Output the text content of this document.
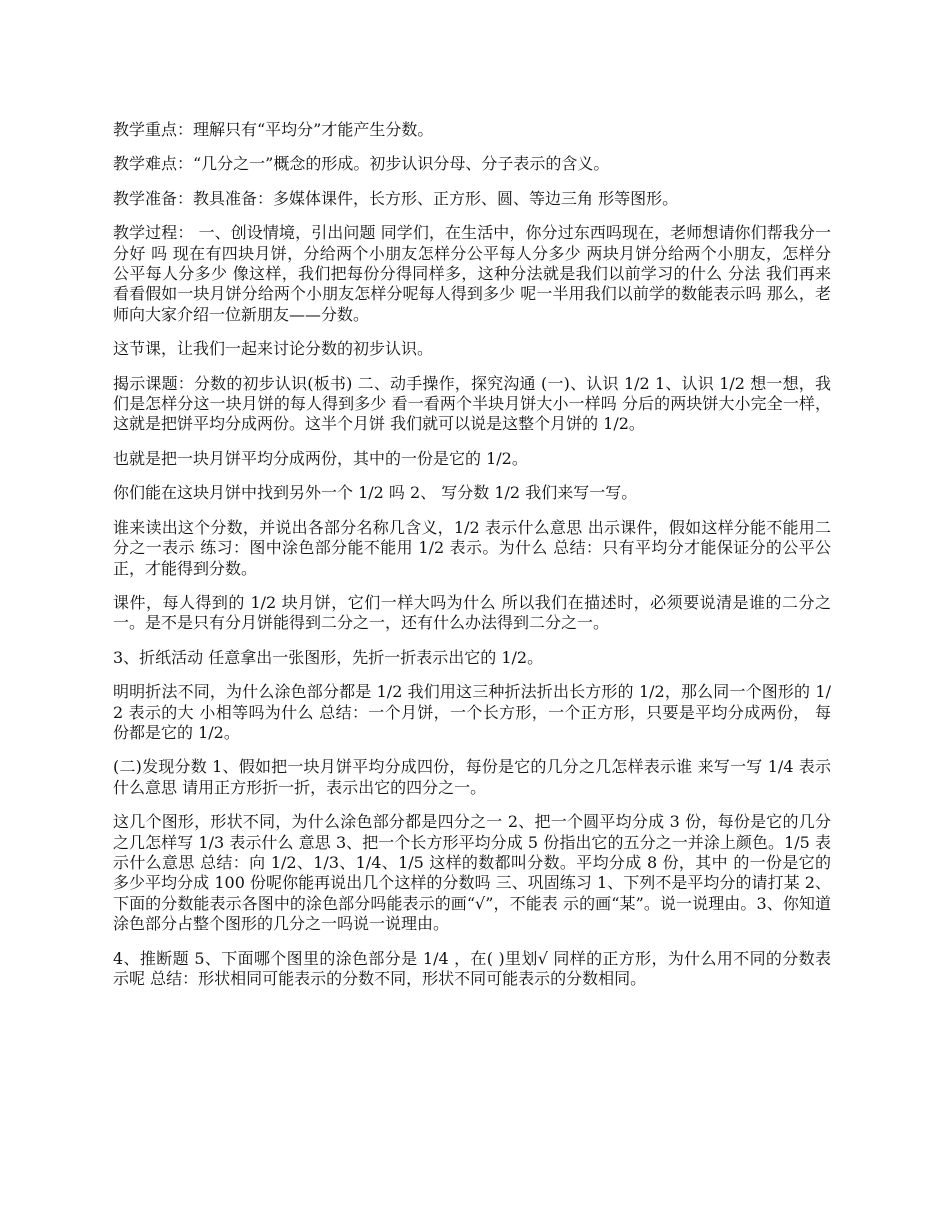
教学重点：理解只有“平均分”才能产生分数。

教学难点：“几分之一”概念的形成。初步认识分母、分子表示的含义。

教学准备：教具准备：多媒体课件，长方形、正方形、圆、等边三角 形等图形。

教学过程： 一、创设情境，引出问题 同学们，在生活中，你分过东西吗现在，老师想请你们帮我分一分好 吗 现在有四块月饼，分给两个小朋友怎样分公平每人分多少 两块月饼分给两个小朋友，怎样分公平每人分多少 像这样，我们把每份分得同样多，这种分法就是我们以前学习的什么 分法 我们再来看看假如一块月饼分给两个小朋友怎样分呢每人得到多少 呢一半用我们以前学的数能表示吗 那么，老师向大家介绍一位新朋友——分数。

这节课，让我们一起来讨论分数的初步认识。

揭示课题：分数的初步认识(板书) 二、动手操作，探究沟通 (一)、认识 1/2 1、认识 1/2 想一想，我们是怎样分这一块月饼的每人得到多少 看一看两个半块月饼大小一样吗 分后的两块饼大小完全一样，这就是把饼平均分成两份。这半个月饼 我们就可以说是这整个月饼的 1/2。

也就是把一块月饼平均分成两份，其中的一份是它的 1/2。

你们能在这块月饼中找到另外一个 1/2 吗 2、 写分数 1/2 我们来写一写。

谁来读出这个分数，并说出各部分名称几含义，1/2 表示什么意思 出示课件，假如这样分能不能用二分之一表示 练习：图中涂色部分能不能用 1/2 表示。为什么 总结：只有平均分才能保证分的公平公正，才能得到分数。

课件，每人得到的 1/2 块月饼，它们一样大吗为什么 所以我们在描述时，必须要说清是谁的二分之一。是不是只有分月饼能得到二分之一，还有什么办法得到二分之一。

3、折纸活动 任意拿出一张图形，先折一折表示出它的 1/2。

明明折法不同，为什么涂色部分都是 1/2 我们用这三种折法折出长方形的 1/2，那么同一个图形的 1/2 表示的大 小相等吗为什么 总结：一个月饼，一个长方形，一个正方形，只要是平均分成两份， 每份都是它的 1/2。

(二)发现分数 1、假如把一块月饼平均分成四份，每份是它的几分之几怎样表示谁 来写一写 1/4 表示什么意思 请用正方形折一折，表示出它的四分之一。

这几个图形，形状不同，为什么涂色部分都是四分之一 2、把一个圆平均分成 3 份，每份是它的几分之几怎样写 1/3 表示什么 意思 3、把一个长方形平均分成 5 份指出它的五分之一并涂上颜色。1/5 表 示什么意思 总结：向 1/2、1/3、1/4、1/5 这样的数都叫分数。平均分成 8 份，其中 的一份是它的多少平均分成 100 份呢你能再说出几个这样的分数吗 三、巩固练习 1、下列不是平均分的请打某 2、 下面的分数能表示各图中的涂色部分吗能表示的画“√”，不能表 示的画“某”。说一说理由。3、你知道涂色部分占整个图形的几分之一吗说一说理由。

4、推断题 5、下面哪个图里的涂色部分是 1/4 ，在( )里划√ 同样的正方形，为什么用不同的分数表示呢 总结：形状相同可能表示的分数不同，形状不同可能表示的分数相同。
